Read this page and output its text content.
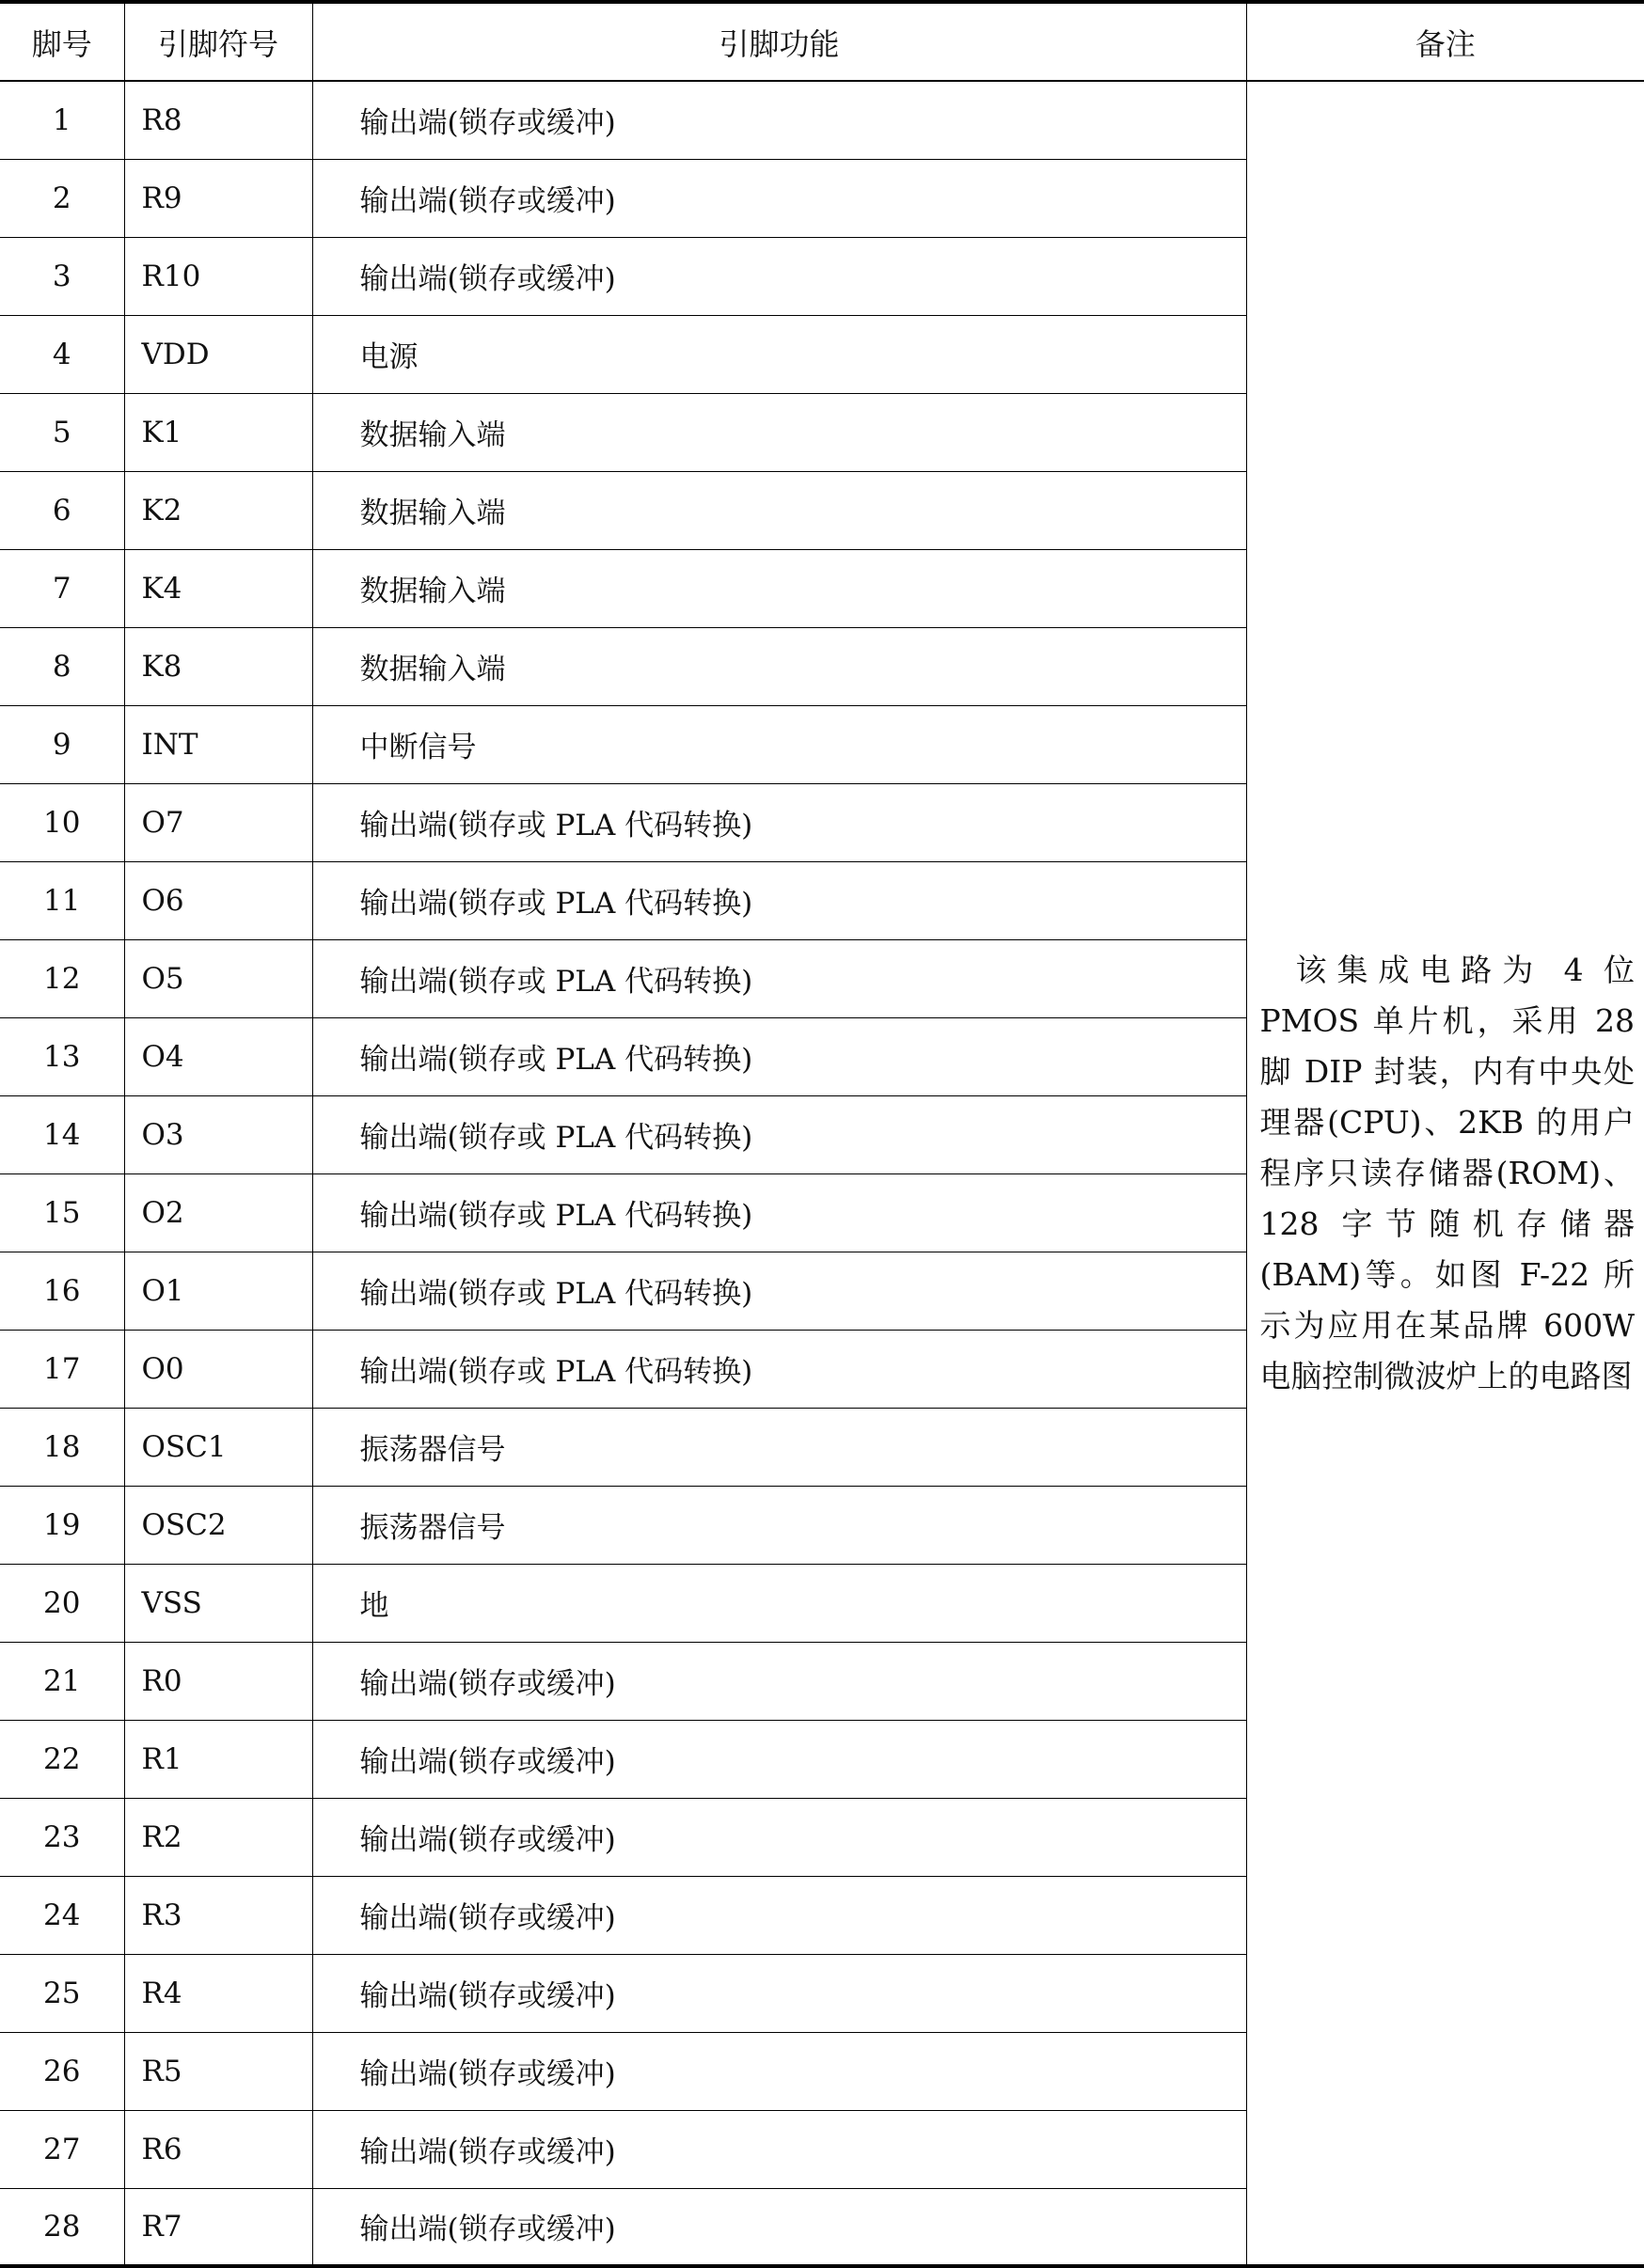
脚号	引脚符号	引脚功能	备注
1	R8	输出端(锁存或缓冲)	该集成电路为 4 位 PMOS 单片机，采用 28 脚 DIP 封装，内有中央处理器(CPU)、2KB 的用户程序只读存储器(ROM)、128 字节随机存储器(BAM)等。如图 F-22 所示为应用在某品牌 600W 电脑控制微波炉上的电路图
2	R9	输出端(锁存或缓冲)	
3	R10	输出端(锁存或缓冲)	
4	VDD	电源	
5	K1	数据输入端	
6	K2	数据输入端	
7	K4	数据输入端	
8	K8	数据输入端	
9	INT	中断信号	
10	O7	输出端(锁存或 PLA 代码转换)	
11	O6	输出端(锁存或 PLA 代码转换)	
12	O5	输出端(锁存或 PLA 代码转换)	
13	O4	输出端(锁存或 PLA 代码转换)	
14	O3	输出端(锁存或 PLA 代码转换)	
15	O2	输出端(锁存或 PLA 代码转换)	
16	O1	输出端(锁存或 PLA 代码转换)	
17	O0	输出端(锁存或 PLA 代码转换)	
18	OSC1	振荡器信号	
19	OSC2	振荡器信号	
20	VSS	地	
21	R0	输出端(锁存或缓冲)	
22	R1	输出端(锁存或缓冲)	
23	R2	输出端(锁存或缓冲)	
24	R3	输出端(锁存或缓冲)	
25	R4	输出端(锁存或缓冲)	
26	R5	输出端(锁存或缓冲)	
27	R6	输出端(锁存或缓冲)	
28	R7	输出端(锁存或缓冲)	
